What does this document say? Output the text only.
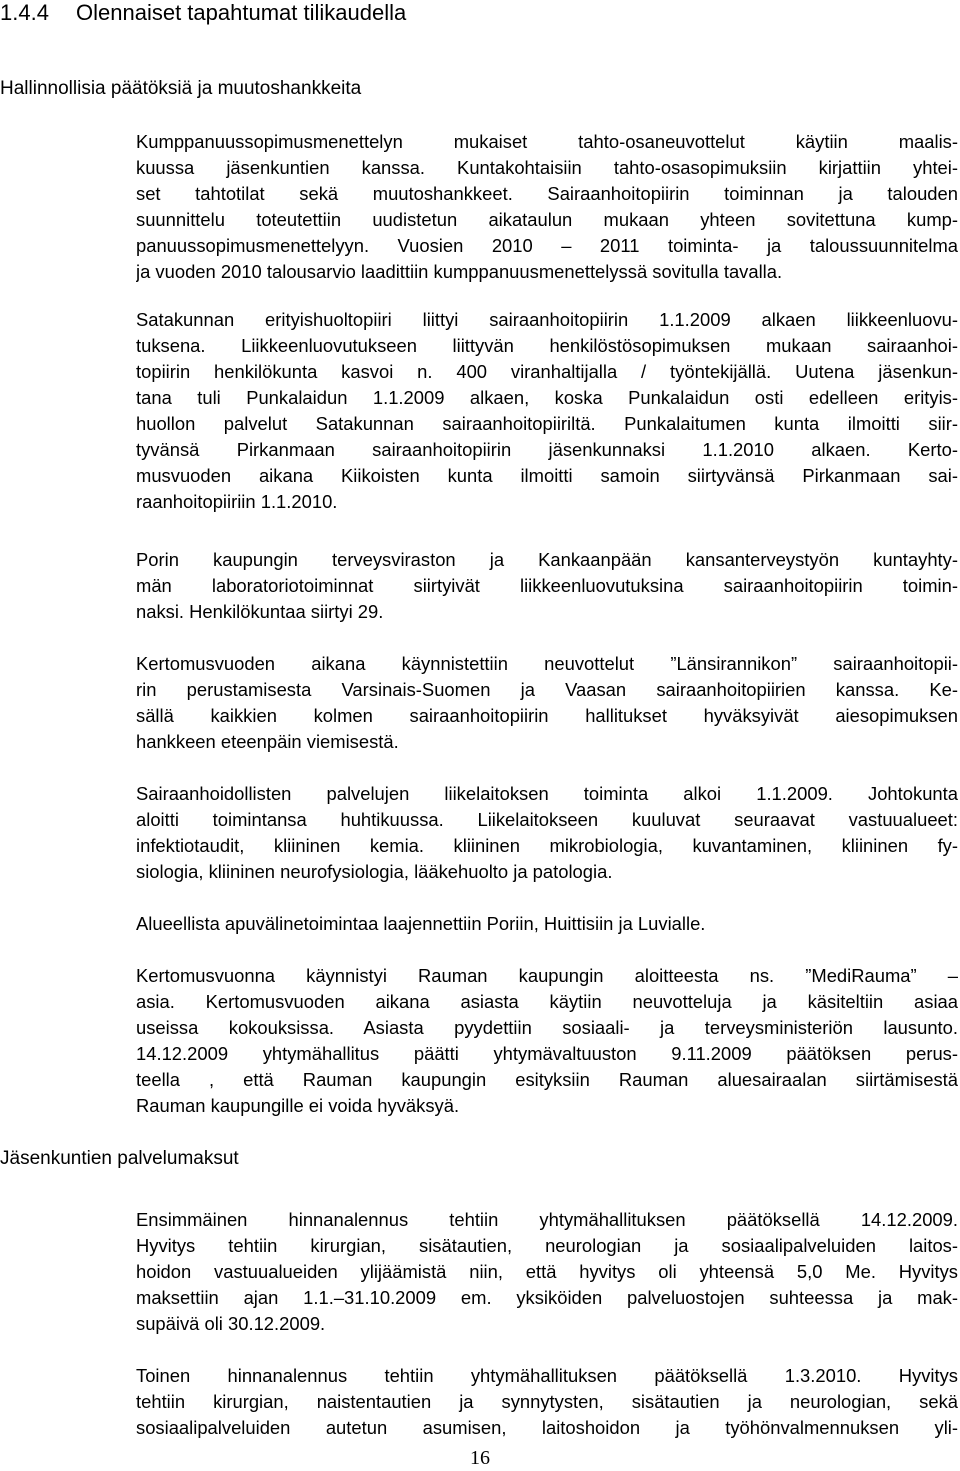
1.4.4 Olennaiset tapahtumat tilikaudella
Hallinnollisia päätöksiä ja muutoshankkeita
Jäsenkuntien palvelumaksut
Kumppanuussopimusmenettelyn mukaiset tahto-osaneuvottelut käytiin maalis-
kuussa jäsenkuntien kanssa. Kuntakohtaisiin tahto-osasopimuksiin kirjattiin yhtei-
set tahtotilat sekä muutoshankkeet. Sairaanhoitopiirin toiminnan ja talouden
suunnittelu toteutettiin uudistetun aikataulun mukaan yhteen sovitettuna kump-
panuussopimusmenettelyyn. Vuosien 2010 – 2011 toiminta- ja taloussuunnitelma
ja vuoden 2010 talousarvio laadittiin kumppanuusmenettelyssä sovitulla tavalla.
Satakunnan erityishuoltopiiri liittyi sairaanhoitopiirin 1.1.2009 alkaen liikkeenluovu-
tuksena. Liikkeenluovutukseen liittyvän henkilöstösopimuksen mukaan sairaanhoi-
topiirin henkilökunta kasvoi n. 400 viranhaltijalla / työntekijällä. Uutena jäsenkun-
tana tuli Punkalaidun 1.1.2009 alkaen, koska Punkalaidun osti edelleen erityis-
huollon palvelut Satakunnan sairaanhoitopiiriltä. Punkalaitumen kunta ilmoitti siir-
tyvänsä Pirkanmaan sairaanhoitopiirin jäsenkunnaksi 1.1.2010 alkaen. Kerto-
musvuoden aikana Kiikoisten kunta ilmoitti samoin siirtyvänsä Pirkanmaan sai-
raanhoitopiiriin 1.1.2010.
Porin kaupungin terveysviraston ja Kankaanpään kansanterveystyön kuntayhty-
män laboratoriotoiminnat siirtyivät liikkeenluovutuksina sairaanhoitopiirin toimin-
naksi. Henkilökuntaa siirtyi 29.
Kertomusvuoden aikana käynnistettiin neuvottelut ”Länsirannikon” sairaanhoitopii-
rin perustamisesta Varsinais-Suomen ja Vaasan sairaanhoitopiirien kanssa. Ke-
sällä kaikkien kolmen sairaanhoitopiirin hallitukset hyväksyivät aiesopimuksen
hankkeen eteenpäin viemisestä.
Sairaanhoidollisten palvelujen liikelaitoksen toiminta alkoi 1.1.2009. Johtokunta
aloitti toimintansa huhtikuussa. Liikelaitokseen kuuluvat seuraavat vastuualueet:
infektiotaudit, kliininen kemia. kliininen mikrobiologia, kuvantaminen, kliininen fy-
siologia, kliininen neurofysiologia, lääkehuolto ja patologia.
Alueellista apuvälinetoimintaa laajennettiin Poriin, Huittisiin ja Luvialle.
Kertomusvuonna käynnistyi Rauman kaupungin aloitteesta ns. ”MediRauma” –
asia. Kertomusvuoden aikana asiasta käytiin neuvotteluja ja käsiteltiin asiaa
useissa kokouksissa. Asiasta pyydettiin sosiaali- ja terveysministeriön lausunto.
14.12.2009 yhtymähallitus päätti yhtymävaltuuston 9.11.2009 päätöksen perus-
teella , että Rauman kaupungin esityksiin Rauman aluesairaalan siirtämisestä
Rauman kaupungille ei voida hyväksyä.
Ensimmäinen hinnanalennus tehtiin yhtymähallituksen päätöksellä 14.12.2009.
Hyvitys tehtiin kirurgian, sisätautien, neurologian ja sosiaalipalveluiden laitos-
hoidon vastuualueiden ylijäämistä niin, että hyvitys oli yhteensä 5,0 Me. Hyvitys
maksettiin ajan 1.1.–31.10.2009 em. yksiköiden palveluostojen suhteessa ja mak-
supäivä oli 30.12.2009.
Toinen hinnanalennus tehtiin yhtymähallituksen päätöksellä 1.3.2010. Hyvitys
tehtiin kirurgian, naistentautien ja synnytysten, sisätautien ja neurologian, sekä
sosiaalipalveluiden autetun asumisen, laitoshoidon ja työhönvalmennuksen yli-
16
